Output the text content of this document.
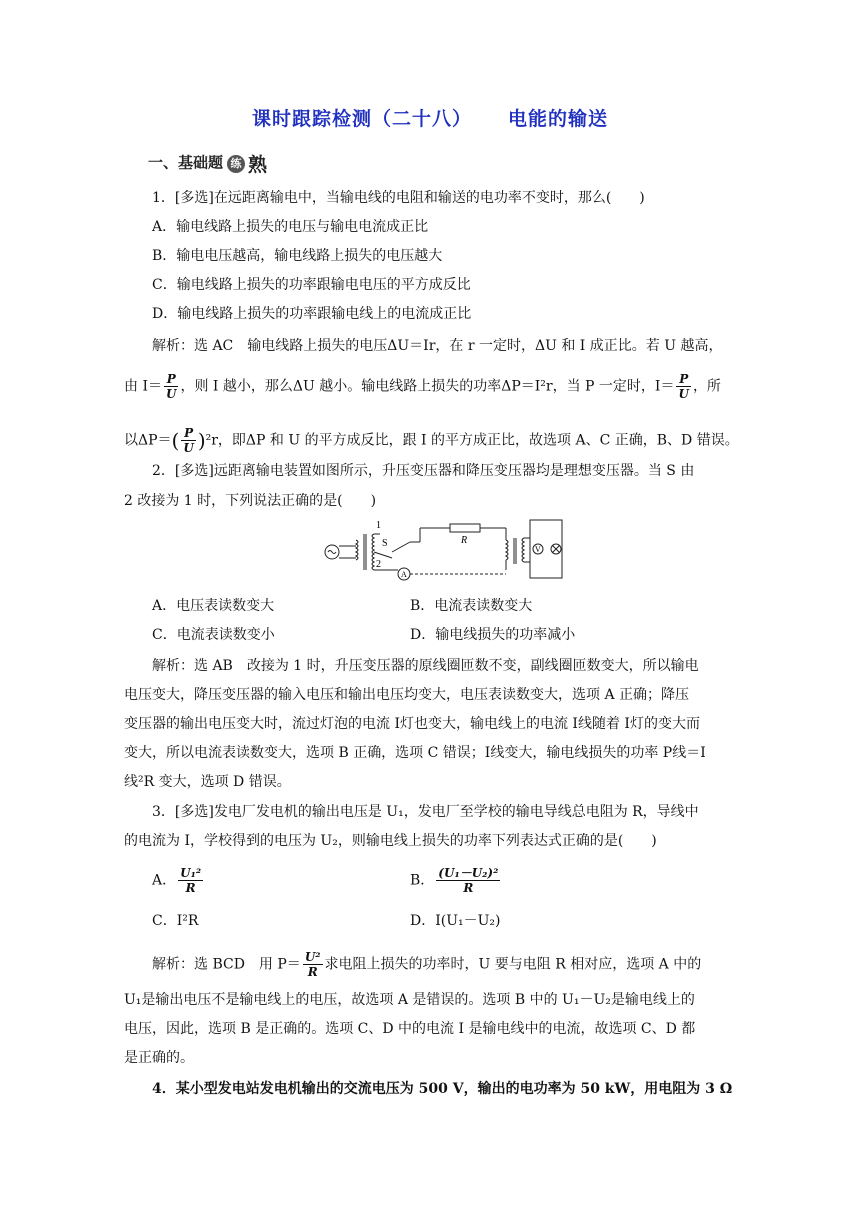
课时跟踪检测（二十八） 电能的输送
一、基础题 练 熟
1．[多选]在远距离输电中，当输电线的电阻和输送的电功率不变时，那么(　　)
A．输电线路上损失的电压与输电电流成正比
B．输电电压越高，输电线路上损失的电压越大
C．输电线路上损失的功率跟输电电压的平方成反比
D．输电线路上损失的功率跟输电线上的电流成正比
解析：选 AC　输电线路上损失的电压ΔU＝Ir，在 r 一定时，ΔU 和 I 成正比。若 U 越高，
由 $I= \frac{P}{U}$ ，则 I 越小，那么ΔU 越小。输电线路上损失的功率ΔP＝I²r，当 P 一定时，$I= \frac{P}{U}$ ，所
以$\Delta P=( \frac{P}{U} )^2r$，即ΔP 和 U 的平方成反比，跟 I 的平方成正比，故选项 A、C 正确，B、D 错误。
2．[多选]远距离输电装置如图所示，升压变压器和降压变压器均是理想变压器。当 S 由
2 改接为 1 时，下列说法正确的是(　　)
1
2
S	R
A
V
A．电压表读数变大	B．电流表读数变大
C．电流表读数变小	D．输电线损失的功率减小
解析：选 AB　改接为 1 时，升压变压器的原线圈匝数不变，副线圈匝数变大，所以输电
电压变大，降压变压器的输入电压和输出电压均变大，电压表读数变大，选项 A 正确；降压
变压器的输出电压变大时，流过灯泡的电流 I灯也变大，输电线上的电流 I线随着 I灯的变大而
变大，所以电流表读数变大，选项 B 正确，选项 C 错误；I线变大，输电线损失的功率 P线＝I
线²R 变大，选项 D 错误。
3．[多选]发电厂发电机的输出电压是 U₁，发电厂至学校的输电导线总电阻为 R，导线中
的电流为 I，学校得到的电压为 U₂，则输电线上损失的功率下列表达式正确的是(　　)
A． $\frac{\text{U₁²}}{R}$	B． $\frac{\text{(U₁－U₂)²}}{R}$
C．I²R	D．I(U₁－U₂)
解析：选 BCD　用 $P= \frac{\text{U²}}{R}$ 求电阻上损失的功率时，U 要与电阻 R 相对应，选项 A 中的
U₁是输出电压不是输电线上的电压，故选项 A 是错误的。选项 B 中的 U₁－U₂是输电线上的
电压，因此，选项 B 是正确的。选项 C、D 中的电流 I 是输电线中的电流，故选项 C、D 都
是正确的。
4．某小型发电站发电机输出的交流电压为 500 V，输出的电功率为 50 kW，用电阻为 3 Ω
